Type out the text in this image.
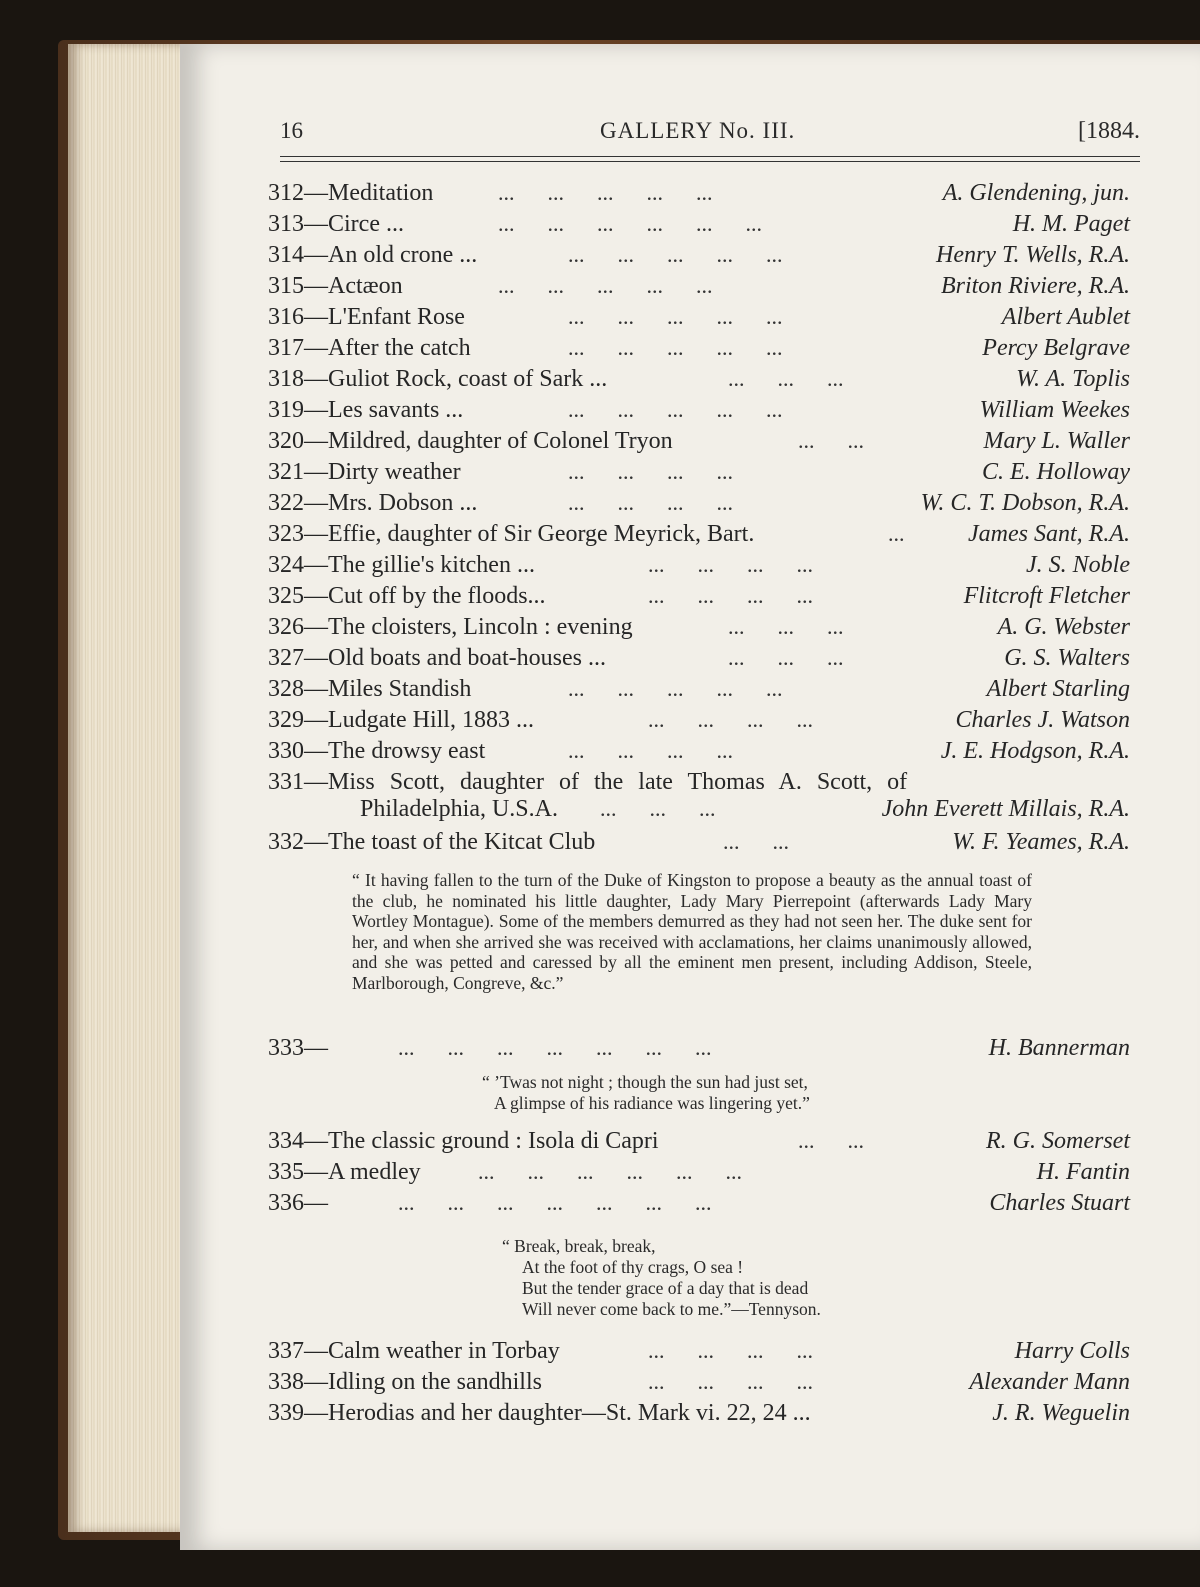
16	GALLERY No. III.	[1884.
312—Meditation	...      ...      ...      ...      ...	A. Glendening, jun.
313—Circe ...	...      ...      ...      ...      ...      ...	H. M. Paget
314—An old crone ...	...      ...      ...      ...      ...	Henry T. Wells, R.A.
315—Actæon	...      ...      ...      ...      ...	Briton Riviere, R.A.
316—L'Enfant Rose	...      ...      ...      ...      ...	Albert Aublet
317—After the catch	...      ...      ...      ...      ...	Percy Belgrave
318—Guliot Rock, coast of Sark ...	...      ...      ...	W. A. Toplis
319—Les savants ...	...      ...      ...      ...      ...	William Weekes
320—Mildred, daughter of Colonel Tryon	...      ...	Mary L. Waller
321—Dirty weather	...      ...      ...      ...	C. E. Holloway
322—Mrs. Dobson ...	...      ...      ...      ...	W. C. T. Dobson, R.A.
323—Effie, daughter of Sir George Meyrick, Bart.	...	James Sant, R.A.
324—The gillie's kitchen ...	...      ...      ...      ...	J. S. Noble
325—Cut off by the floods...	...      ...      ...      ...	Flitcroft Fletcher
326—The cloisters, Lincoln : evening	...      ...      ...	A. G. Webster
327—Old boats and boat-houses ...	...      ...      ...	G. S. Walters
328—Miles Standish	...      ...      ...      ...      ...	Albert Starling
329—Ludgate Hill, 1883 ...	...      ...      ...      ...	Charles J. Watson
330—The drowsy east	...      ...      ...      ...	J. E. Hodgson, R.A.
331—Miss Scott, daughter of the late Thomas A. Scott, of
Philadelphia, U.S.A. ...      ...      ...	John Everett Millais, R.A.
332—The toast of the Kitcat Club	...      ...	W. F. Yeames, R.A.
“ It having fallen to the turn of the Duke of Kingston to propose a beauty as the annual toast of the club, he nominated his little daughter, Lady Mary Pierrepoint (afterwards Lady Mary Wortley Montague). Some of the members demurred as they had not seen her. The duke sent for her, and when she arrived she was received with acclamations, her claims unanimously allowed, and she was petted and caressed by all the eminent men present, including Addison, Steele, Marlborough, Congreve, &c.”
333—	...      ...      ...      ...      ...      ...      ...	H. Bannerman
“ ’Twas not night ; though the sun had just set,
A glimpse of his radiance was lingering yet.”
334—The classic ground : Isola di Capri	...      ...	R. G. Somerset
335—A medley	...      ...      ...      ...      ...      ...	H. Fantin
336—	...      ...      ...      ...      ...      ...      ...	Charles Stuart
“ Break, break, break,
At the foot of thy crags, O sea !
But the tender grace of a day that is dead
Will never come back to me.”—Tennyson.
337—Calm weather in Torbay	...      ...      ...      ...	Harry Colls
338—Idling on the sandhills	...      ...      ...      ...	Alexander Mann
339—Herodias and her daughter—St. Mark vi. 22, 24 ...	J. R. Weguelin
